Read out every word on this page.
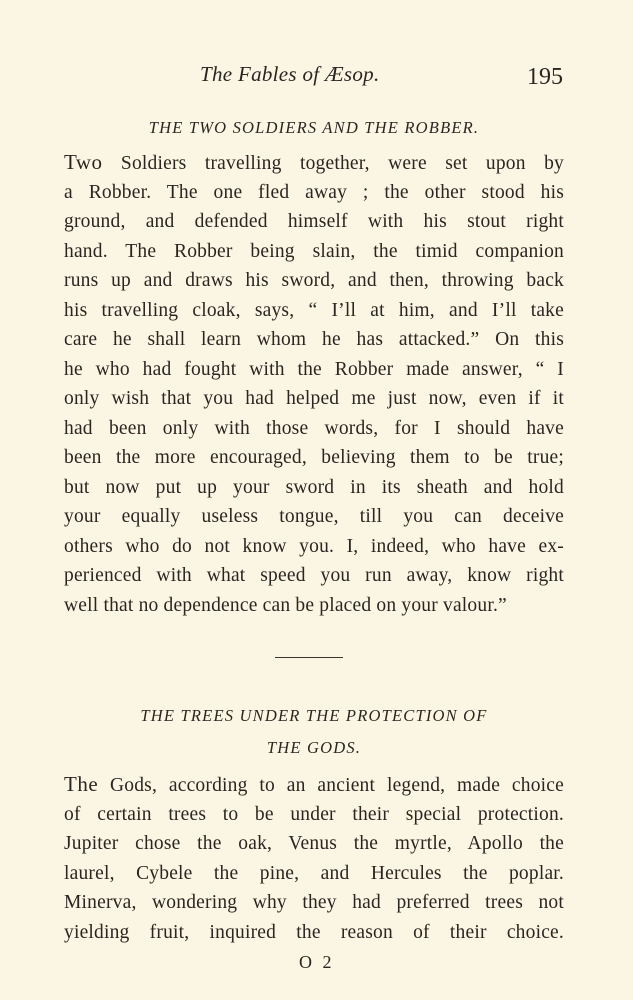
The Fables of Æsop.	195
THE TWO SOLDIERS AND THE ROBBER.
Two Soldiers travelling together, were set upon by
a Robber. The one fled away ; the other stood his
ground, and defended himself with his stout right
hand. The Robber being slain, the timid companion
runs up and draws his sword, and then, throwing back
his travelling cloak, says, “ I’ll at him, and I’ll take
care he shall learn whom he has attacked.” On this
he who had fought with the Robber made answer, “ I
only wish that you had helped me just now, even if it
had been only with those words, for I should have
been the more encouraged, believing them to be true;
but now put up your sword in its sheath and hold
your equally useless tongue, till you can deceive
others who do not know you. I, indeed, who have ex-
perienced with what speed you run away, know right
well that no dependence can be placed on your valour.”
THE TREES UNDER THE PROTECTION OF
THE GODS.
The Gods, according to an ancient legend, made choice
of certain trees to be under their special protection.
Jupiter chose the oak, Venus the myrtle, Apollo the
laurel, Cybele the pine, and Hercules the poplar.
Minerva, wondering why they had preferred trees not
yielding fruit, inquired the reason of their choice.
O 2
